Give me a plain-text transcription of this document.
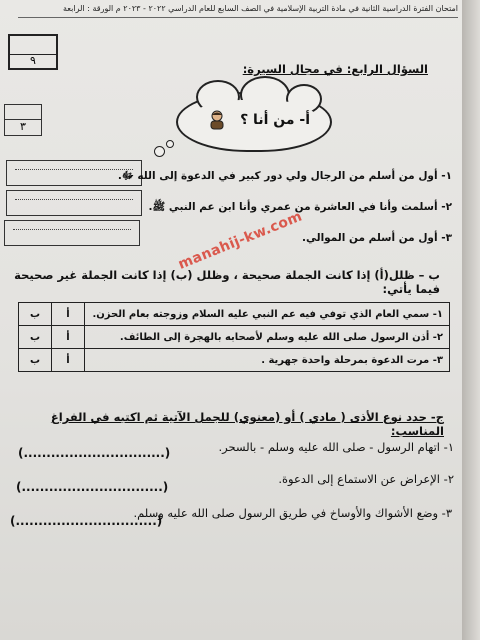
امتحان الفترة الدراسية الثانية في مادة التربية الإسلامية في الصف السابع للعام الدراسي ٢٠٢٢ - ٢٠٢٣ م الورقة : الرابعة
٩
السؤال الرابع: في مجال السيرة:
٣	أ- من أنا ؟
١- أول من أسلم من الرجال ولي دور كبير في الدعوة إلى الله ﷻ.
٢- أسلمت وأنا في العاشرة من عمري وأنا ابن عم النبي ﷺ.
٣- أول من أسلم من الموالي.
manahij-kw.com
ب – ظلل(أ) إذا كانت الجملة صحيحة ، وظلل (ب) إذا كانت الجملة غير صحيحة فيما يأتي:
ب	أ	١- سمي العام الذي توفي فيه عم النبي عليه السلام وزوجته بعام الحزن.
ب	أ	٢- أذن الرسول صلى الله عليه وسلم لأصحابه بالهجرة إلى الطائف.
ب	أ	٣- مرت الدعوة بمرحلة واحدة جهرية .
ج- حدد نوع الأذى ( مادي ) أو (معنوي) للجمل الآتية ثم اكتبه في الفراغ المناسب:
١- اتهام الرسول - صلى الله عليه وسلم - بالسحر.
(...............................)
٢- الإعراض عن الاستماع إلى الدعوة.
(...............................)
٣- وضع الأشواك والأوساخ في طريق الرسول صلى الله عليه وسلم.
(...............................)
